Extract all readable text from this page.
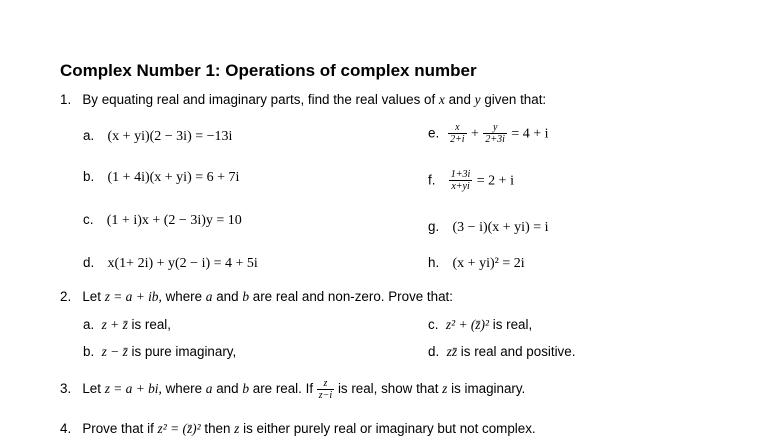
Complex Number 1: Operations of complex number
1. By equating real and imaginary parts, find the real values of x and y given that:
a. (x + yi)(2 − 3i) = −13i
b. (1 + 4i)(x + yi) = 6 + 7i
c. (1 + i)x + (2 − 3i)y = 10
d. x(1+ 2i) + y(2 − i) = 4 + 5i
e. $\frac{x}{2+i} + \frac{y}{2+3i} = 4 + i$
f. $\frac{1+3i}{x+yi} = 2 + i$
g. (3 − i)(x + yi) = i
h. (x + yi)² = 2i
2. Let z = a + ib, where a and b are real and non-zero. Prove that:
a. z + z̄ is real,
b. z − z̄ is pure imaginary,
c. z² + (z̄)² is real,
d. zz̄ is real and positive.
3. Let z = a + bi, where a and b are real. If $\frac{z}{z-i}$ is real, show that z is imaginary.
4. Prove that if z² = (z̄)² then z is either purely real or imaginary but not complex.
